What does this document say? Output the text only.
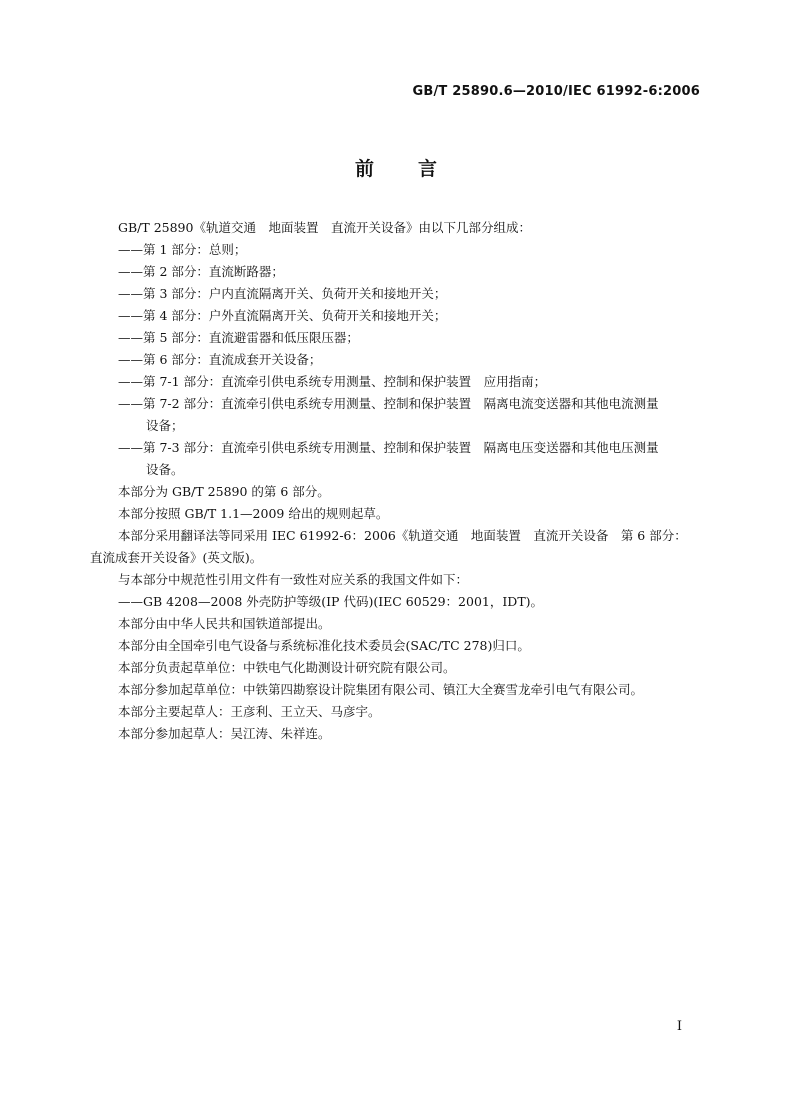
GB/T 25890.6—2010/IEC 61992-6:2006
前 言
GB/T 25890《轨道交通　地面装置　直流开关设备》由以下几部分组成：
——第 1 部分：总则；
——第 2 部分：直流断路器；
——第 3 部分：户内直流隔离开关、负荷开关和接地开关；
——第 4 部分：户外直流隔离开关、负荷开关和接地开关；
——第 5 部分：直流避雷器和低压限压器；
——第 6 部分：直流成套开关设备；
——第 7-1 部分：直流牵引供电系统专用测量、控制和保护装置　应用指南；
——第 7-2 部分：直流牵引供电系统专用测量、控制和保护装置　隔离电流变送器和其他电流测量
设备；
——第 7-3 部分：直流牵引供电系统专用测量、控制和保护装置　隔离电压变送器和其他电压测量
设备。
本部分为 GB/T 25890 的第 6 部分。
本部分按照 GB/T 1.1—2009 给出的规则起草。
本部分采用翻译法等同采用 IEC 61992-6：2006《轨道交通　地面装置　直流开关设备　第 6 部分：
直流成套开关设备》(英文版)。
与本部分中规范性引用文件有一致性对应关系的我国文件如下：
——GB 4208—2008 外壳防护等级(IP 代码)(IEC 60529：2001，IDT)。
本部分由中华人民共和国铁道部提出。
本部分由全国牵引电气设备与系统标准化技术委员会(SAC/TC 278)归口。
本部分负责起草单位：中铁电气化勘测设计研究院有限公司。
本部分参加起草单位：中铁第四勘察设计院集团有限公司、镇江大全赛雪龙牵引电气有限公司。
本部分主要起草人：王彦利、王立天、马彦宇。
本部分参加起草人：吴江涛、朱祥连。
I
